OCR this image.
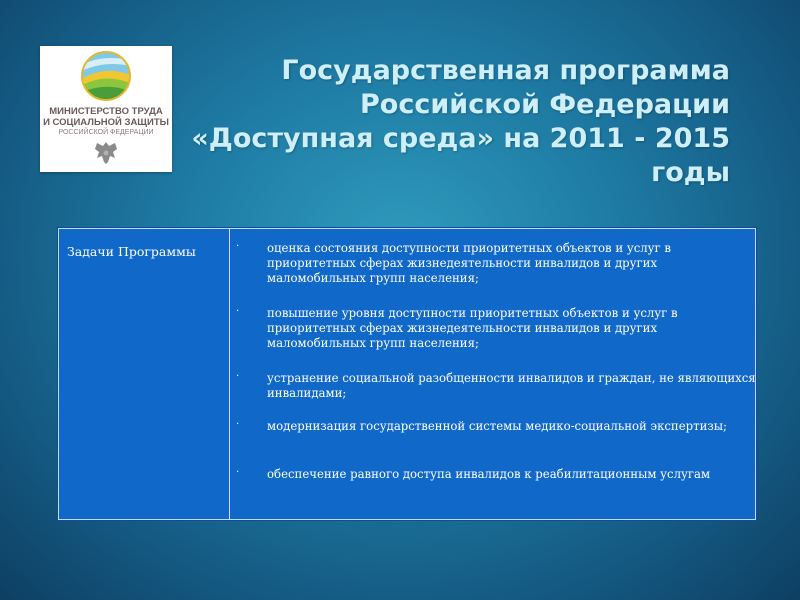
МИНИСТЕРСТВО ТРУДА
И СОЦИАЛЬНОЙ ЗАЩИТЫ
РОССИЙСКОЙ ФЕДЕРАЦИИ
Государственная программа
Российской Федерации
«Доступная среда» на 2011 - 2015
годы
Задачи Программы	· оценка состояния доступности приоритетных объектов и услуг в приоритетных сферах жизнедеятельности инвалидов и других маломобильных групп населения;
· повышение уровня доступности приоритетных объектов и услуг в приоритетных сферах жизнедеятельности инвалидов и других маломобильных групп населения;
· устранение социальной разобщенности инвалидов и граждан, не являющихся инвалидами;
· модернизация государственной системы медико-социальной экспертизы;
· обеспечение равного доступа инвалидов к реабилитационным услугам
